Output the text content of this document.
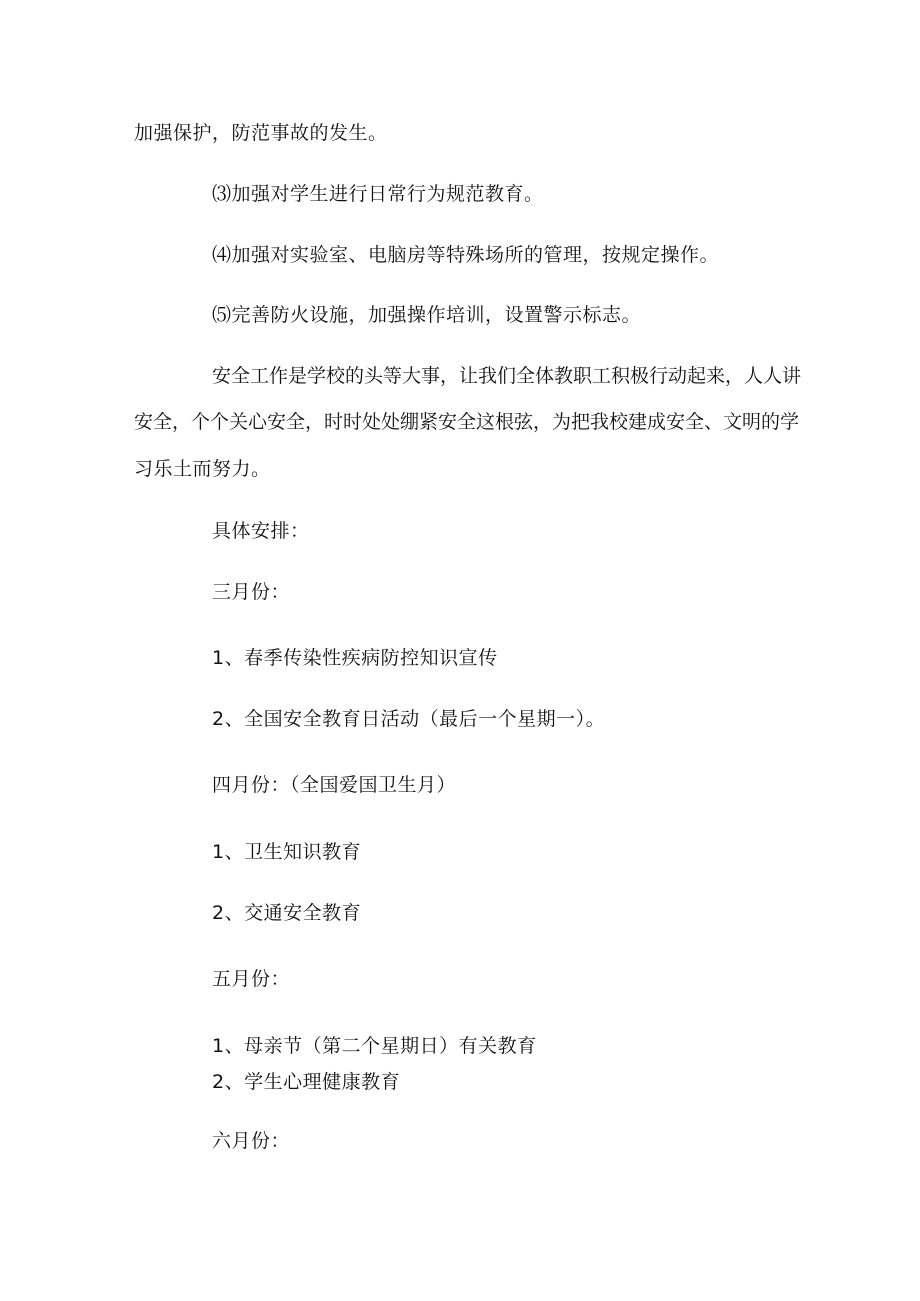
加强保护，防范事故的发生。
⑶加强对学生进行日常行为规范教育。
⑷加强对实验室、电脑房等特殊场所的管理，按规定操作。
⑸完善防火设施，加强操作培训，设置警示标志。
安全工作是学校的头等大事，让我们全体教职工积极行动起来，人人讲
安全，个个关心安全，时时处处绷紧安全这根弦，为把我校建成安全、文明的学
习乐土而努力。
具体安排：
三月份：
1、春季传染性疾病防控知识宣传
2、全国安全教育日活动（最后一个星期一）。
四月份：（全国爱国卫生月）
1、卫生知识教育
2、交通安全教育
五月份：
1、母亲节（第二个星期日）有关教育
2、学生心理健康教育
六月份：
